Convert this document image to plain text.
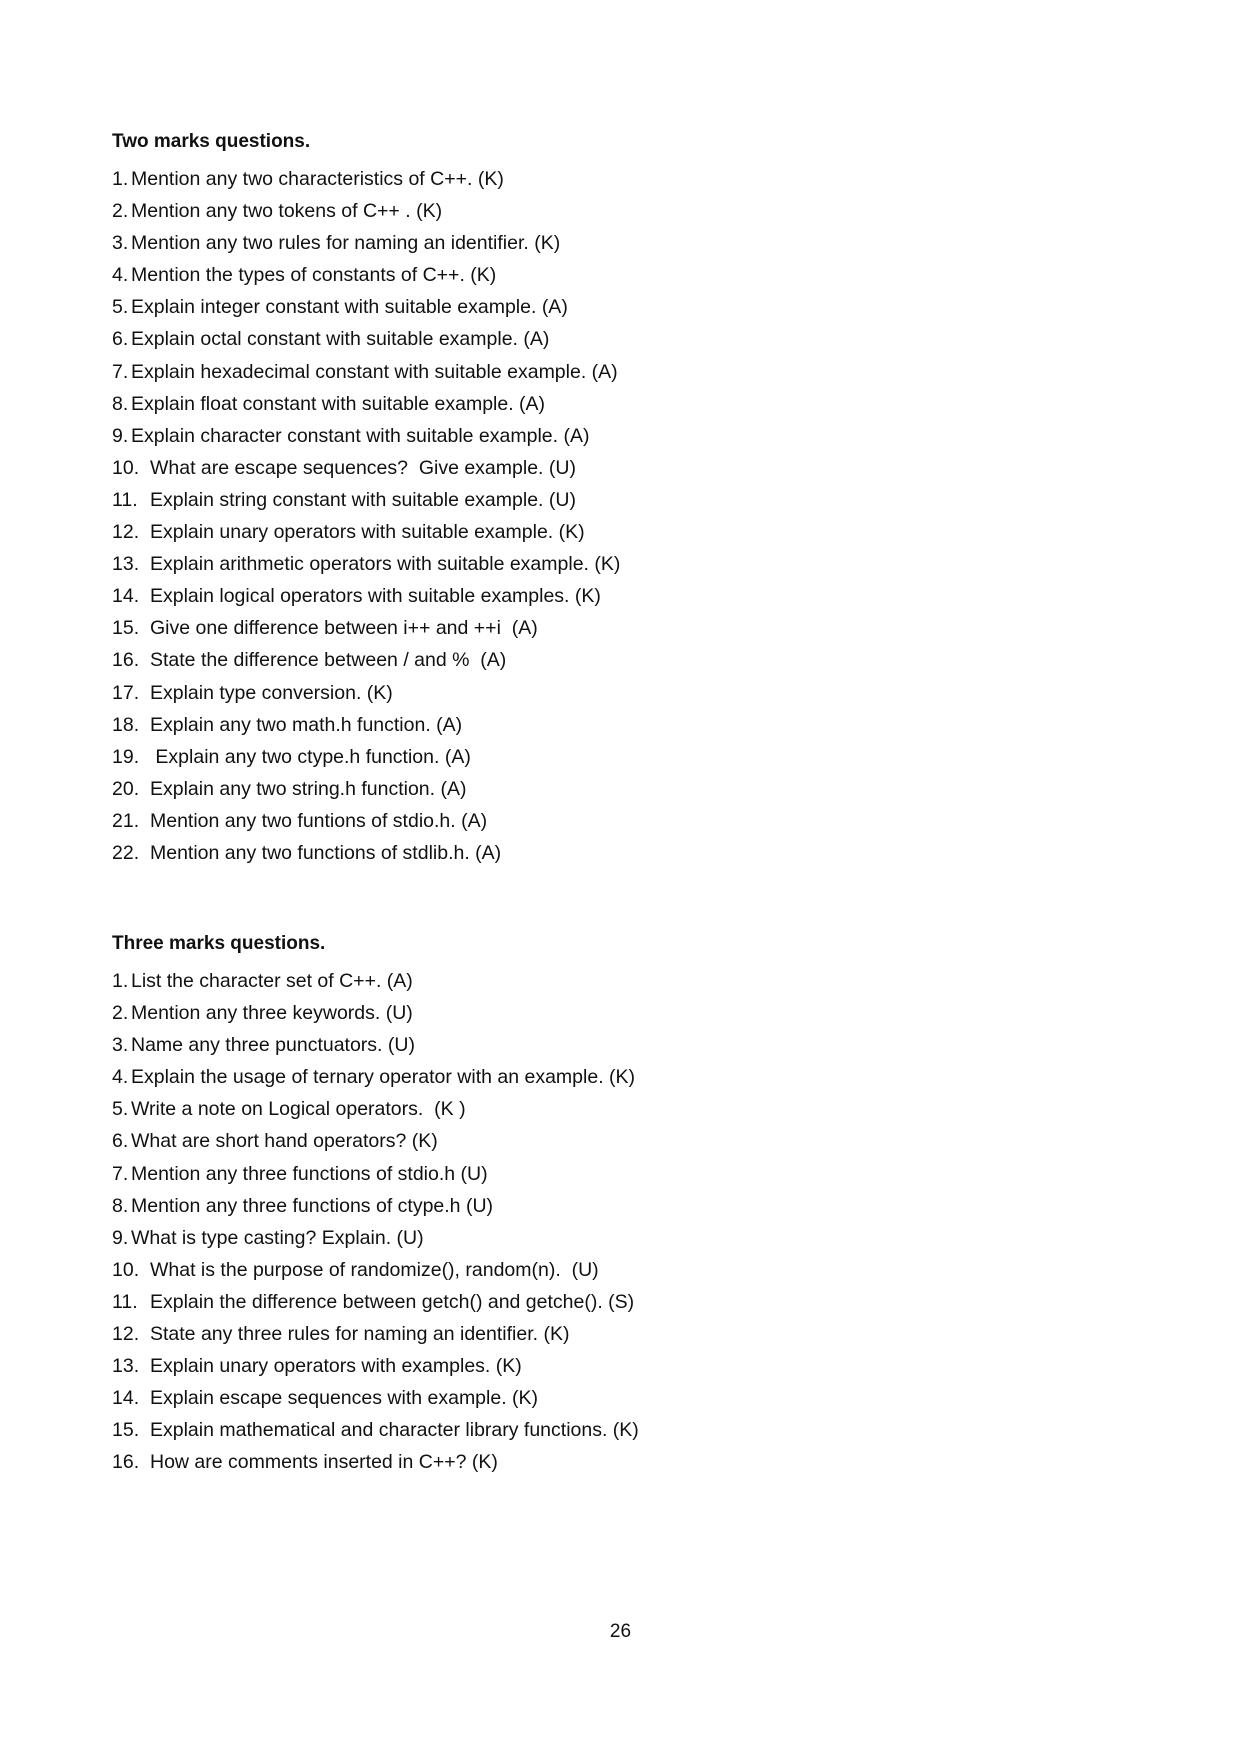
Two marks questions.
1. Mention any two characteristics of C++. (K)
2. Mention any two tokens of C++ . (K)
3. Mention any two rules for naming an identifier. (K)
4. Mention the types of constants of C++. (K)
5. Explain integer constant with suitable example. (A)
6. Explain octal constant with suitable example. (A)
7. Explain hexadecimal constant with suitable example. (A)
8. Explain float constant with suitable example. (A)
9. Explain character constant with suitable example. (A)
10. What are escape sequences?  Give example. (U)
11. Explain string constant with suitable example. (U)
12. Explain unary operators with suitable example. (K)
13. Explain arithmetic operators with suitable example. (K)
14. Explain logical operators with suitable examples. (K)
15. Give one difference between i++ and ++i  (A)
16. State the difference between / and %  (A)
17. Explain type conversion. (K)
18. Explain any two math.h function. (A)
19. Explain any two ctype.h function. (A)
20. Explain any two string.h function. (A)
21. Mention any two funtions of stdio.h. (A)
22. Mention any two functions of stdlib.h. (A)
Three marks questions.
1. List the character set of C++. (A)
2. Mention any three keywords. (U)
3. Name any three punctuators. (U)
4. Explain the usage of ternary operator with an example. (K)
5. Write a note on Logical operators.  (K )
6. What are short hand operators? (K)
7. Mention any three functions of stdio.h (U)
8. Mention any three functions of ctype.h (U)
9. What is type casting? Explain. (U)
10. What is the purpose of randomize(), random(n).  (U)
11. Explain the difference between getch() and getche(). (S)
12. State any three rules for naming an identifier. (K)
13. Explain unary operators with examples. (K)
14. Explain escape sequences with example. (K)
15. Explain mathematical and character library functions. (K)
16. How are comments inserted in C++? (K)
26
